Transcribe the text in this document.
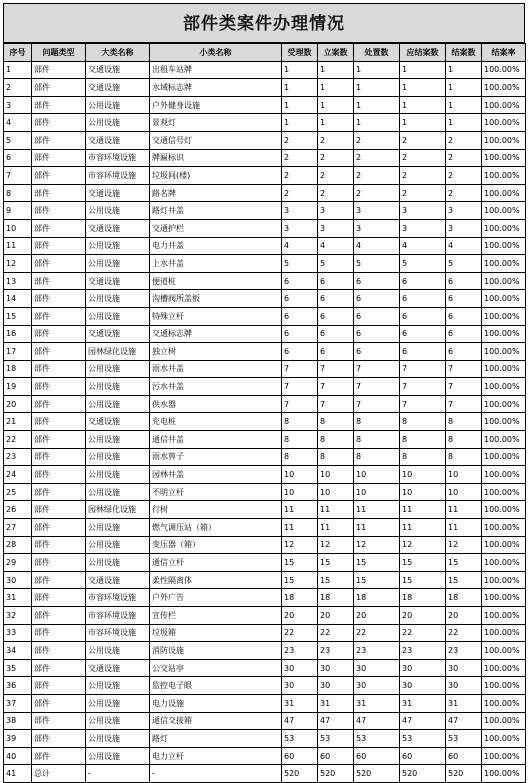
部件类案件办理情况
序号	问题类型	大类名称	小类名称	受理数	立案数	处置数	应结案数	结案数	结案率
1	部件	交通设施	出租车站牌	1	1	1	1	1	100.00%
2	部件	交通设施	水域标志牌	1	1	1	1	1	100.00%
3	部件	公用设施	户外健身设施	1	1	1	1	1	100.00%
4	部件	公用设施	景观灯	1	1	1	1	1	100.00%
5	部件	交通设施	交通信号灯	2	2	2	2	2	100.00%
6	部件	市容环境设施	牌匾标识	2	2	2	2	2	100.00%
7	部件	市容环境设施	垃圾间(楼)	2	2	2	2	2	100.00%
8	部件	交通设施	路名牌	2	2	2	2	2	100.00%
9	部件	公用设施	路灯井盖	3	3	3	3	3	100.00%
10	部件	交通设施	交通护栏	3	3	3	3	3	100.00%
11	部件	公用设施	电力井盖	4	4	4	4	4	100.00%
12	部件	公用设施	上水井盖	5	5	5	5	5	100.00%
13	部件	交通设施	便道桩	6	6	6	6	6	100.00%
14	部件	公用设施	沟槽阀所盖板	6	6	6	6	6	100.00%
15	部件	公用设施	特殊立杆	6	6	6	6	6	100.00%
16	部件	交通设施	交通标志牌	6	6	6	6	6	100.00%
17	部件	园林绿化设施	独立树	6	6	6	6	6	100.00%
18	部件	公用设施	雨水井盖	7	7	7	7	7	100.00%
19	部件	公用设施	污水井盖	7	7	7	7	7	100.00%
20	部件	公用设施	供水器	7	7	7	7	7	100.00%
21	部件	交通设施	充电桩	8	8	8	8	8	100.00%
22	部件	公用设施	通信井盖	8	8	8	8	8	100.00%
23	部件	公用设施	雨水箅子	8	8	8	8	8	100.00%
24	部件	公用设施	园林井盖	10	10	10	10	10	100.00%
25	部件	公用设施	不明立杆	10	10	10	10	10	100.00%
26	部件	园林绿化设施	行树	11	11	11	11	11	100.00%
27	部件	公用设施	燃气调压站（箱）	11	11	11	11	11	100.00%
28	部件	公用设施	变压器（箱）	12	12	12	12	12	100.00%
29	部件	公用设施	通信立杆	15	15	15	15	15	100.00%
30	部件	交通设施	柔性隔离体	15	15	15	15	15	100.00%
31	部件	市容环境设施	户外广告	18	18	18	18	18	100.00%
32	部件	市容环境设施	宣传栏	20	20	20	20	20	100.00%
33	部件	市容环境设施	垃圾箱	22	22	22	22	22	100.00%
34	部件	公用设施	消防设施	23	23	23	23	23	100.00%
35	部件	交通设施	公交站亭	30	30	30	30	30	100.00%
36	部件	公用设施	监控电子眼	30	30	30	30	30	100.00%
37	部件	公用设施	电力设施	31	31	31	31	31	100.00%
38	部件	公用设施	通信交接箱	47	47	47	47	47	100.00%
39	部件	公用设施	路灯	53	53	53	53	53	100.00%
40	部件	公用设施	电力立杆	60	60	60	60	60	100.00%
41	总计	-	-	520	520	520	520	520	100.00%
